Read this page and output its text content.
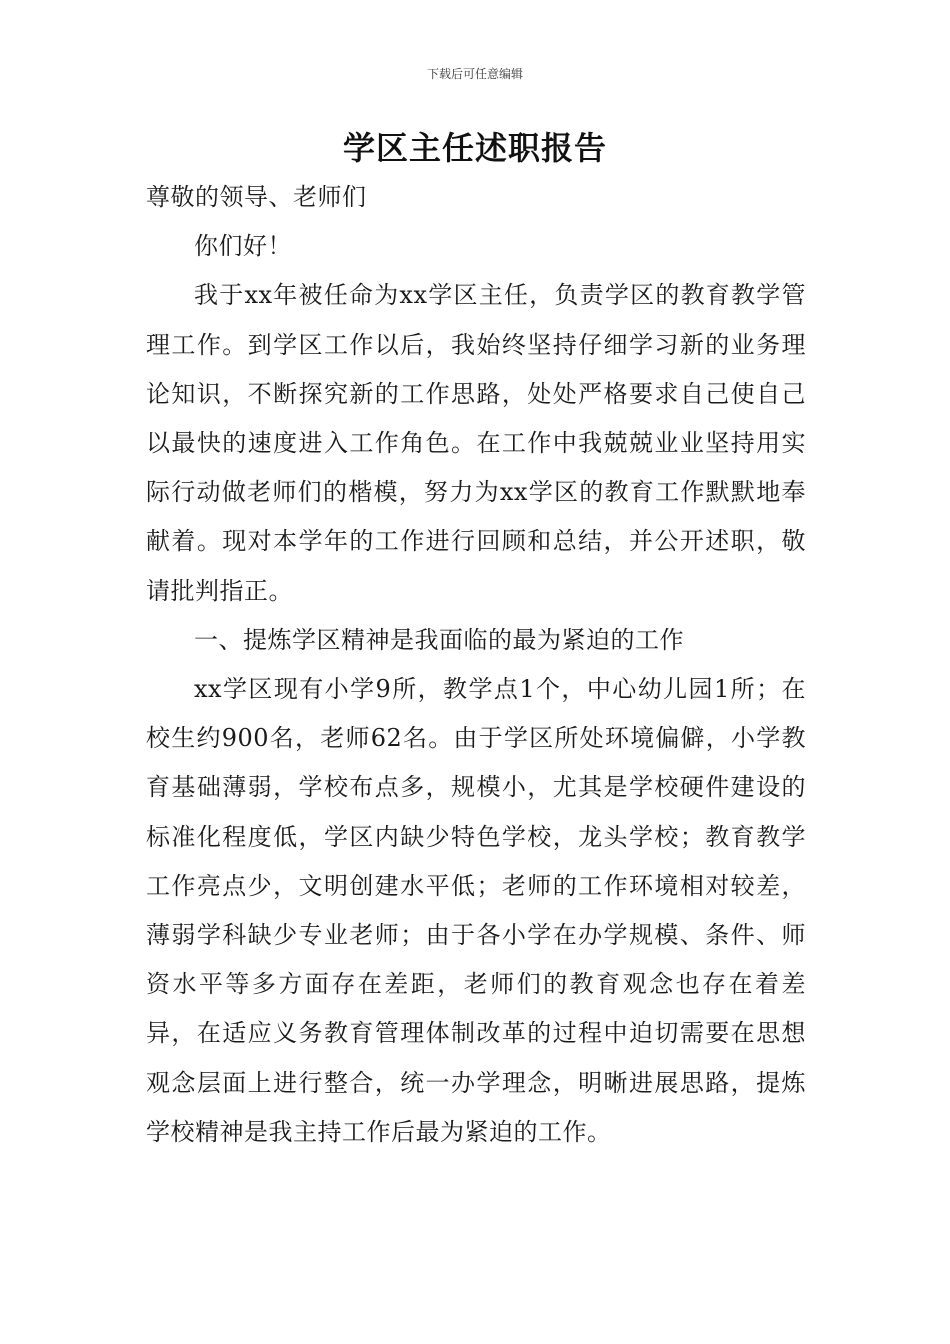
下载后可任意编辑
学区主任述职报告

尊敬的领导、老师们

你们好！

我于xx年被任命为xx学区主任，负责学区的教育教学管理工作。到学区工作以后，我始终坚持仔细学习新的业务理论知识，不断探究新的工作思路，处处严格要求自己使自己以最快的速度进入工作角色。在工作中我兢兢业业坚持用实际行动做老师们的楷模，努力为xx学区的教育工作默默地奉献着。现对本学年的工作进行回顾和总结，并公开述职，敬请批判指正。

一、提炼学区精神是我面临的最为紧迫的工作

xx学区现有小学9所，教学点1个，中心幼儿园1所；在校生约900名，老师62名。由于学区所处环境偏僻，小学教育基础薄弱，学校布点多，规模小，尤其是学校硬件建设的标准化程度低，学区内缺少特色学校，龙头学校；教育教学工作亮点少，文明创建水平低；老师的工作环境相对较差，薄弱学科缺少专业老师；由于各小学在办学规模、条件、师资水平等多方面存在差距，老师们的教育观念也存在着差异，在适应义务教育管理体制改革的过程中迫切需要在思想观念层面上进行整合，统一办学理念，明晰进展思路，提炼学校精神是我主持工作后最为紧迫的工作。
